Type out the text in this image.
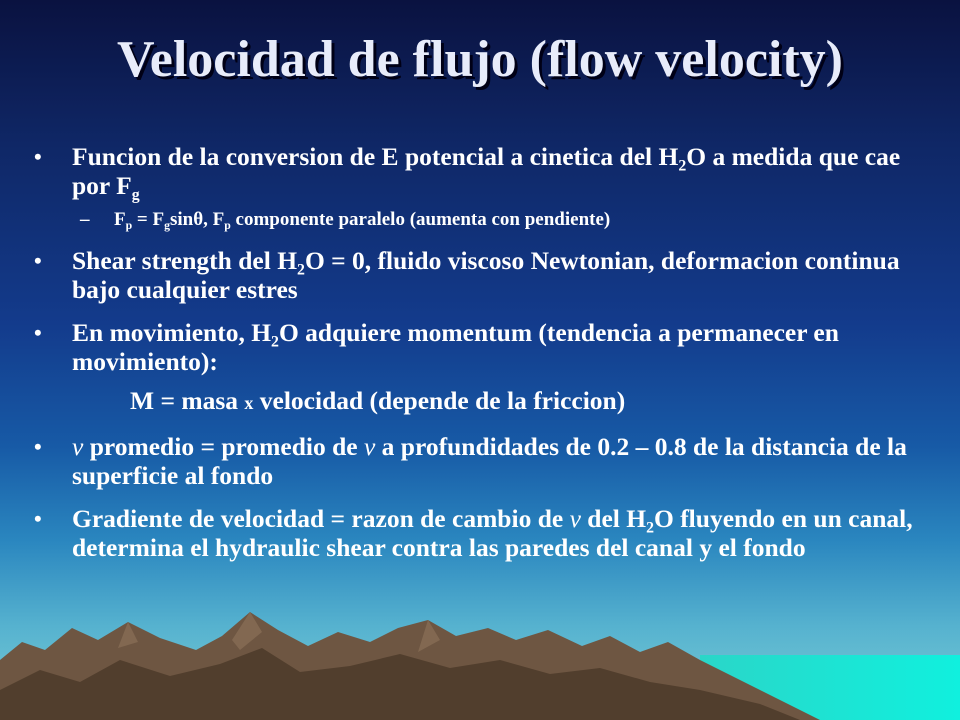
Velocidad de flujo (flow velocity)
• Funcion de la conversion de E potencial a cinetica del $H_2O$ a medida que cae por $F_g$
– $F_p = F_g\sin\theta$, $F_p$ componente paralelo (aumenta con pendiente)
• Shear strength del $H_2O = 0$, fluido viscoso Newtonian, deformacion continua bajo cualquier estres
• En movimiento, $H_2O$ adquiere momentum (tendencia a permanecer en movimiento):
M = masa x velocidad (depende de la friccion)
• v promedio = promedio de v a profundidades de 0.2 – 0.8 de la distancia de la superficie al fondo
• Gradiente de velocidad = razon de cambio de v del $H_2O$ fluyendo en un canal, determina el hydraulic shear contra las paredes del canal y el fondo
